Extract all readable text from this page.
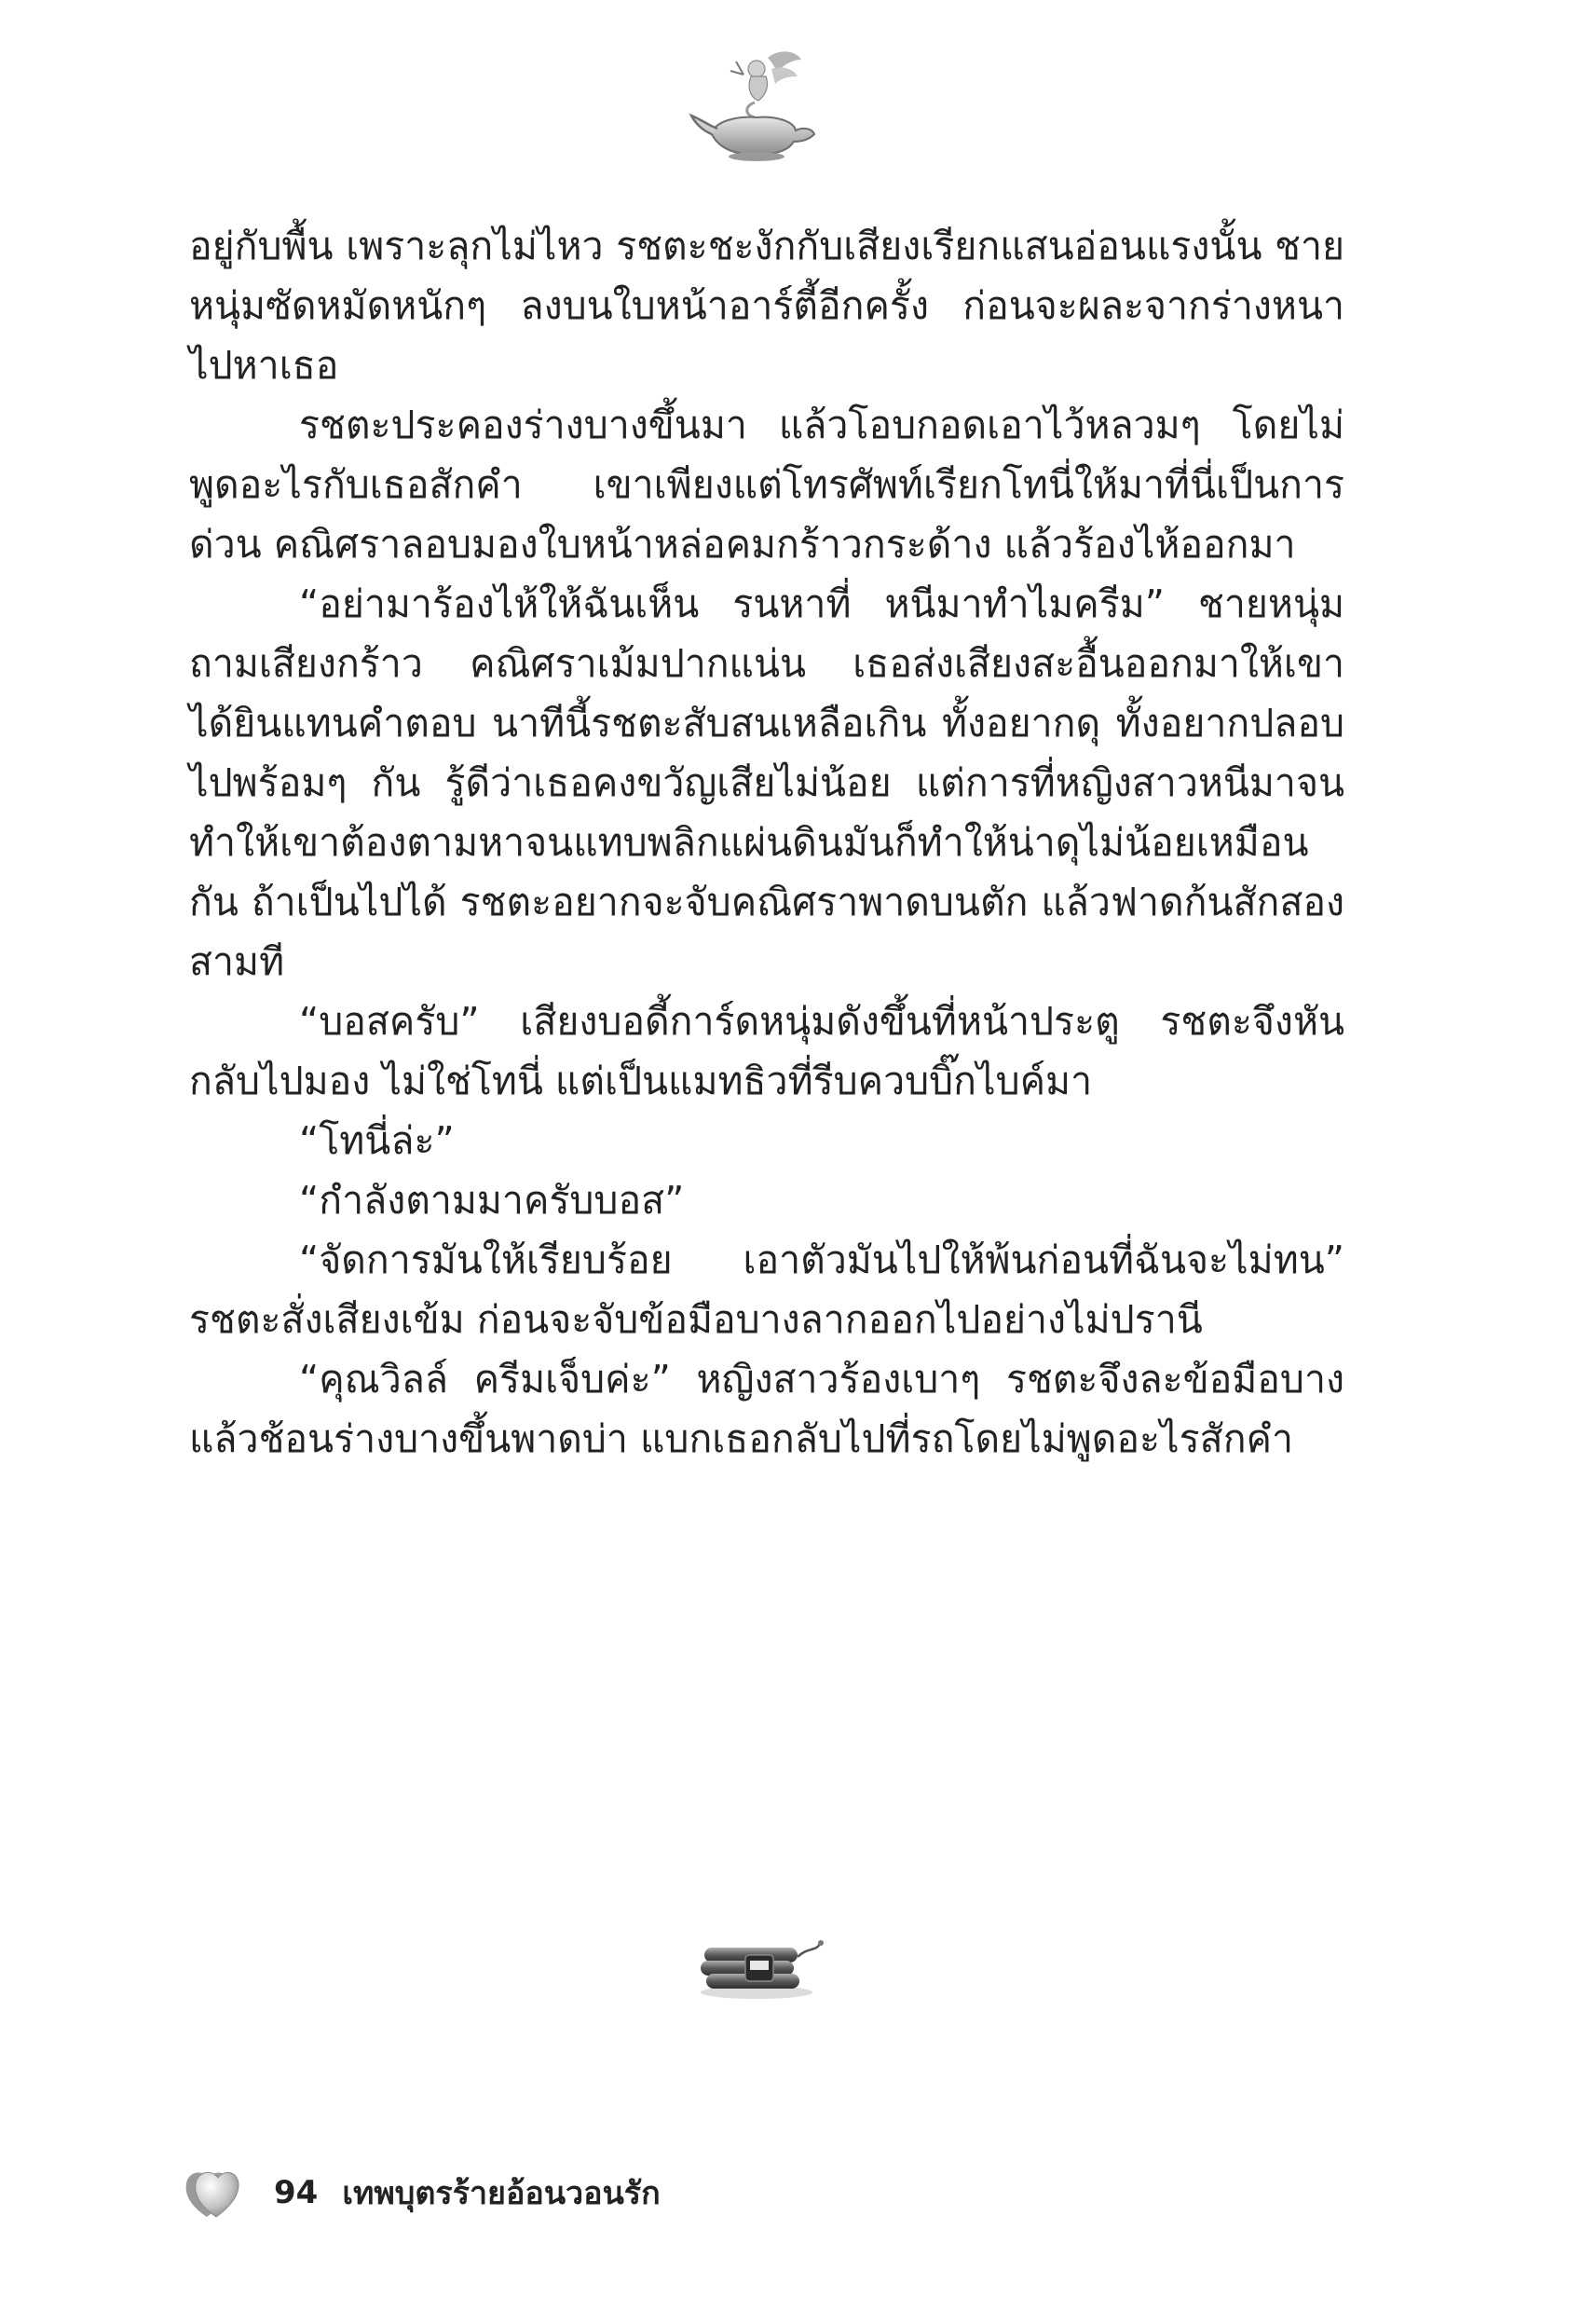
อยู่กับพื้น เพราะลุกไม่ไหว รชตะชะงักกับเสียงเรียกแสนอ่อนแรงนั้น ชายหนุ่มซัดหมัดหนักๆ ลงบนใบหน้าอาร์ตี้อีกครั้ง ก่อนจะผละจากร่างหนาไปหาเธอ

รชตะประคองร่างบางขึ้นมา แล้วโอบกอดเอาไว้หลวมๆ โดยไม่พูดอะไรกับเธอสักคำ เขาเพียงแต่โทรศัพท์เรียกโทนี่ให้มาที่นี่เป็นการด่วน คณิศราลอบมองใบหน้าหล่อคมกร้าวกระด้าง แล้วร้องไห้ออกมา

“อย่ามาร้องไห้ให้ฉันเห็น รนหาที่ หนีมาทำไมครีม” ชายหนุ่มถามเสียงกร้าว คณิศราเม้มปากแน่น เธอส่งเสียงสะอื้นออกมาให้เขาได้ยินแทนคำตอบ นาทีนี้รชตะสับสนเหลือเกิน ทั้งอยากดุ ทั้งอยากปลอบไปพร้อมๆ กัน รู้ดีว่าเธอคงขวัญเสียไม่น้อย แต่การที่หญิงสาวหนีมาจนทำให้เขาต้องตามหาจนแทบพลิกแผ่นดินมันก็ทำให้น่าดุไม่น้อยเหมือนกัน ถ้าเป็นไปได้ รชตะอยากจะจับคณิศราพาดบนตัก แล้วฟาดก้นสักสองสามที

“บอสครับ” เสียงบอดี้การ์ดหนุ่มดังขึ้นที่หน้าประตู รชตะจึงหันกลับไปมอง ไม่ใช่โทนี่ แต่เป็นแมทธิวที่รีบควบบิ๊กไบค์มา

“โทนี่ล่ะ”

“กำลังตามมาครับบอส”

“จัดการมันให้เรียบร้อย เอาตัวมันไปให้พ้นก่อนที่ฉันจะไม่ทน” รชตะสั่งเสียงเข้ม ก่อนจะจับข้อมือบางลากออกไปอย่างไม่ปรานี

“คุณวิลล์ ครีมเจ็บค่ะ” หญิงสาวร้องเบาๆ รชตะจึงละข้อมือบางแล้วช้อนร่างบางขึ้นพาดบ่า แบกเธอกลับไปที่รถโดยไม่พูดอะไรสักคำ

94 เทพบุตรร้ายอ้อนวอนรัก
